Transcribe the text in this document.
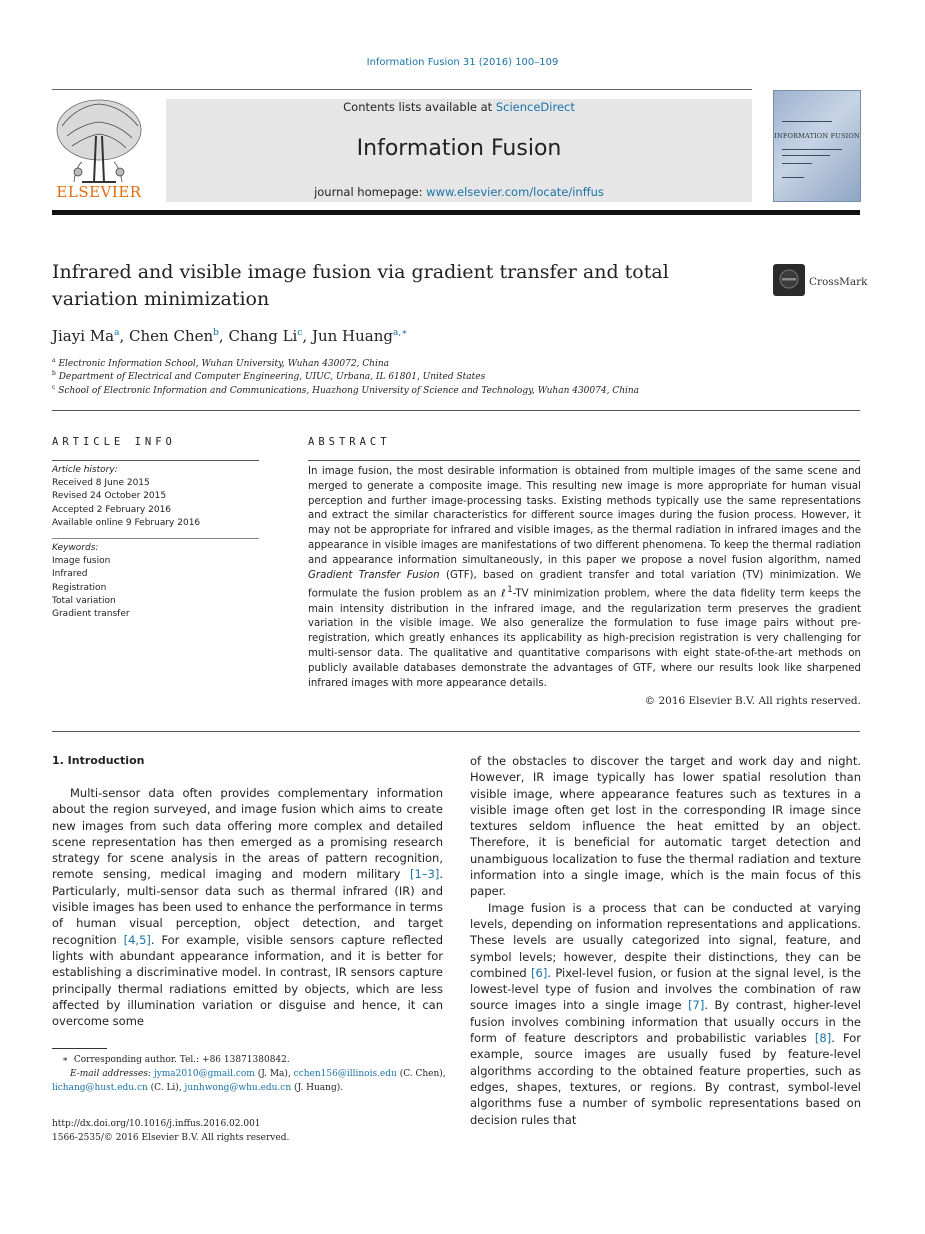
Information Fusion 31 (2016) 100–109
ELSEVIER
Contents lists available at ScienceDirect
Information Fusion
journal homepage: www.elsevier.com/locate/inffus
INFORMATION FUSION
Infrared and visible image fusion via gradient transfer and total variation minimization
CrossMark
Jiayi Ma$^a$, Chen Chen$^b$, Chang Li$^c$, Jun Huang$^{a,∗}$
$^a$ Electronic Information School, Wuhan University, Wuhan 430072, China
$^b$ Department of Electrical and Computer Engineering, UIUC, Urbana, IL 61801, United States
$^c$ School of Electronic Information and Communications, Huazhong University of Science and Technology, Wuhan 430074, China
ARTICLE INFO
Article history:
Received 8 June 2015
Revised 24 October 2015
Accepted 2 February 2016
Available online 9 February 2016
Keywords:
Image fusion
Infrared
Registration
Total variation
Gradient transfer
ABSTRACT
In image fusion, the most desirable information is obtained from multiple images of the same scene and merged to generate a composite image. This resulting new image is more appropriate for human visual perception and further image-processing tasks. Existing methods typically use the same representations and extract the similar characteristics for different source images during the fusion process. However, it may not be appropriate for infrared and visible images, as the thermal radiation in infrared images and the appearance in visible images are manifestations of two different phenomena. To keep the thermal radiation and appearance information simultaneously, in this paper we propose a novel fusion algorithm, named Gradient Transfer Fusion (GTF), based on gradient transfer and total variation (TV) minimization. We formulate the fusion problem as an ℓ$^1$-TV minimization problem, where the data fidelity term keeps the main intensity distribution in the infrared image, and the regularization term preserves the gradient variation in the visible image. We also generalize the formulation to fuse image pairs without pre-registration, which greatly enhances its applicability as high-precision registration is very challenging for multi-sensor data. The qualitative and quantitative comparisons with eight state-of-the-art methods on publicly available databases demonstrate the advantages of GTF, where our results look like sharpened infrared images with more appearance details.
© 2016 Elsevier B.V. All rights reserved.
1. Introduction

Multi-sensor data often provides complementary information about the region surveyed, and image fusion which aims to create new images from such data offering more complex and detailed scene representation has then emerged as a promising research strategy for scene analysis in the areas of pattern recognition, remote sensing, medical imaging and modern military [1–3]. Particularly, multi-sensor data such as thermal infrared (IR) and visible images has been used to enhance the performance in terms of human visual perception, object detection, and target recognition [4,5]. For example, visible sensors capture reflected lights with abundant appearance information, and it is better for establishing a discriminative model. In contrast, IR sensors capture principally thermal radiations emitted by objects, which are less affected by illumination variation or disguise and hence, it can overcome some

of the obstacles to discover the target and work day and night. However, IR image typically has lower spatial resolution than visible image, where appearance features such as textures in a visible image often get lost in the corresponding IR image since textures seldom influence the heat emitted by an object. Therefore, it is beneficial for automatic target detection and unambiguous localization to fuse the thermal radiation and texture information into a single image, which is the main focus of this paper.

Image fusion is a process that can be conducted at varying levels, depending on information representations and applications. These levels are usually categorized into signal, feature, and symbol levels; however, despite their distinctions, they can be combined [6]. Pixel-level fusion, or fusion at the signal level, is the lowest-level type of fusion and involves the combination of raw source images into a single image [7]. By contrast, higher-level fusion involves combining information that usually occurs in the form of feature descriptors and probabilistic variables [8]. For example, source images are usually fused by feature-level algorithms according to the obtained feature properties, such as edges, shapes, textures, or regions. By contrast, symbol-level algorithms fuse a number of symbolic representations based on decision rules that

∗ Corresponding author. Tel.: +86 13871380842.
E-mail addresses: jyma2010@gmail.com (J. Ma), cchen156@illinois.edu (C. Chen),
lichang@hust.edu.cn (C. Li), junhwong@whu.edu.cn (J. Huang).
http://dx.doi.org/10.1016/j.inffus.2016.02.001
1566-2535/© 2016 Elsevier B.V. All rights reserved.
